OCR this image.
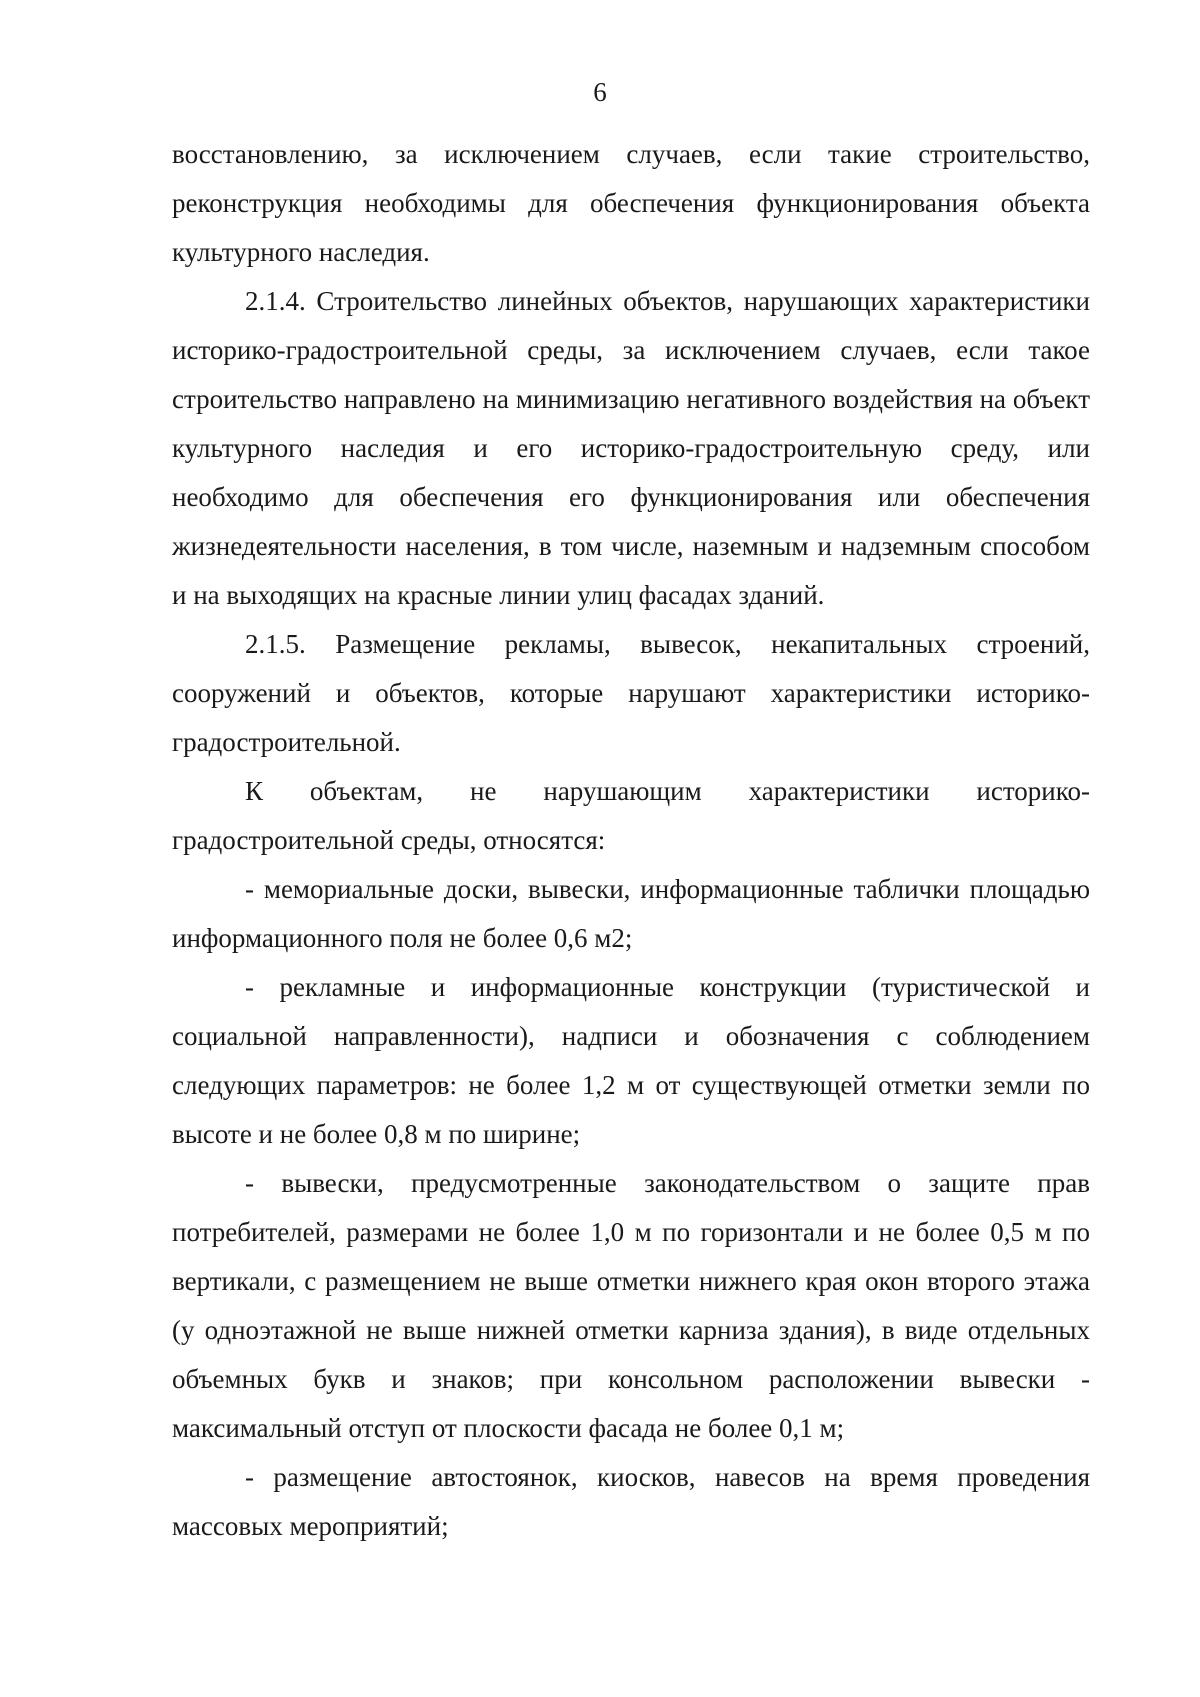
6

восстановлению, за исключением случаев, если такие строительство, реконструкция необходимы для обеспечения функционирования объекта культурного наследия.

2.1.4. Строительство линейных объектов, нарушающих характеристики историко-градостроительной среды, за исключением случаев, если такое строительство направлено на минимизацию негативного воздействия на объект культурного наследия и его историко-градостроительную среду, или необходимо для обеспечения его функционирования или обеспечения жизнедеятельности населения, в том числе, наземным и надземным способом и на выходящих на красные линии улиц фасадах зданий.

2.1.5. Размещение рекламы, вывесок, некапитальных строений, сооружений и объектов, которые нарушают характеристики историко-градостроительной.

К объектам, не нарушающим характеристики историко-градостроительной среды, относятся:

- мемориальные доски, вывески, информационные таблички площадью информационного поля не более 0,6 м2;

- рекламные и информационные конструкции (туристической и социальной направленности), надписи и обозначения с соблюдением следующих параметров: не более 1,2 м от существующей отметки земли по высоте и не более 0,8 м по ширине;

- вывески, предусмотренные законодательством о защите прав потребителей, размерами не более 1,0 м по горизонтали и не более 0,5 м по вертикали, с размещением не выше отметки нижнего края окон второго этажа (у одноэтажной не выше нижней отметки карниза здания), в виде отдельных объемных букв и знаков; при консольном расположении вывески - максимальный отступ от плоскости фасада не более 0,1 м;

- размещение автостоянок, киосков, навесов на время проведения массовых мероприятий;
